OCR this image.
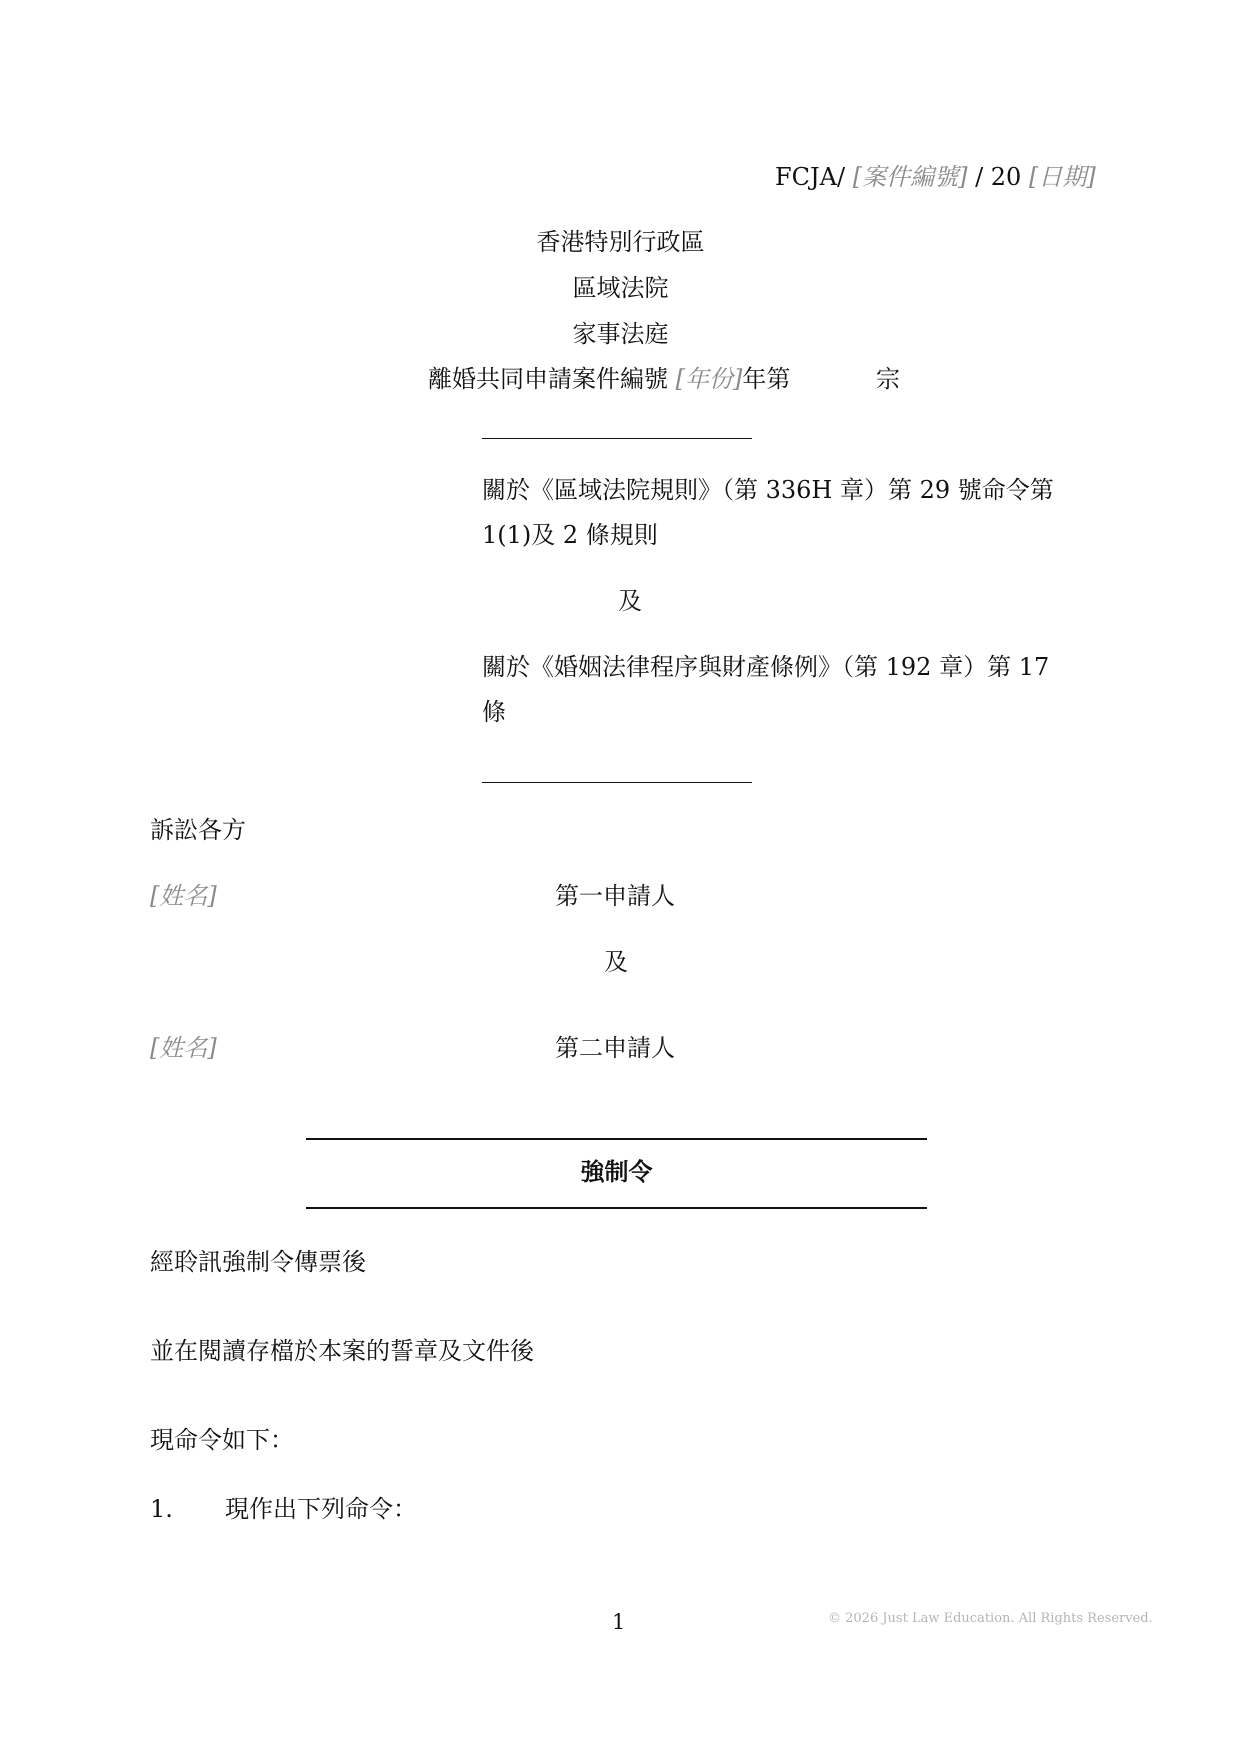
FCJA/ [案件編號] / 20 [日期]
香港特別行政區
區域法院
家事法庭
離婚共同申請案件編號 [年份]年第	宗
關於《區域法院規則》（第 336H 章）第 29 號命令第
1(1)及 2 條規則
及
關於《婚姻法律程序與財產條例》（第 192 章）第 17
條
訴訟各方
[姓名]	第一申請人
及
[姓名]	第二申請人
強制令
經聆訊強制令傳票後
並在閱讀存檔於本案的誓章及文件後
現命令如下：
1. 現作出下列命令：
1	© 2026 Just Law Education. All Rights Reserved.
